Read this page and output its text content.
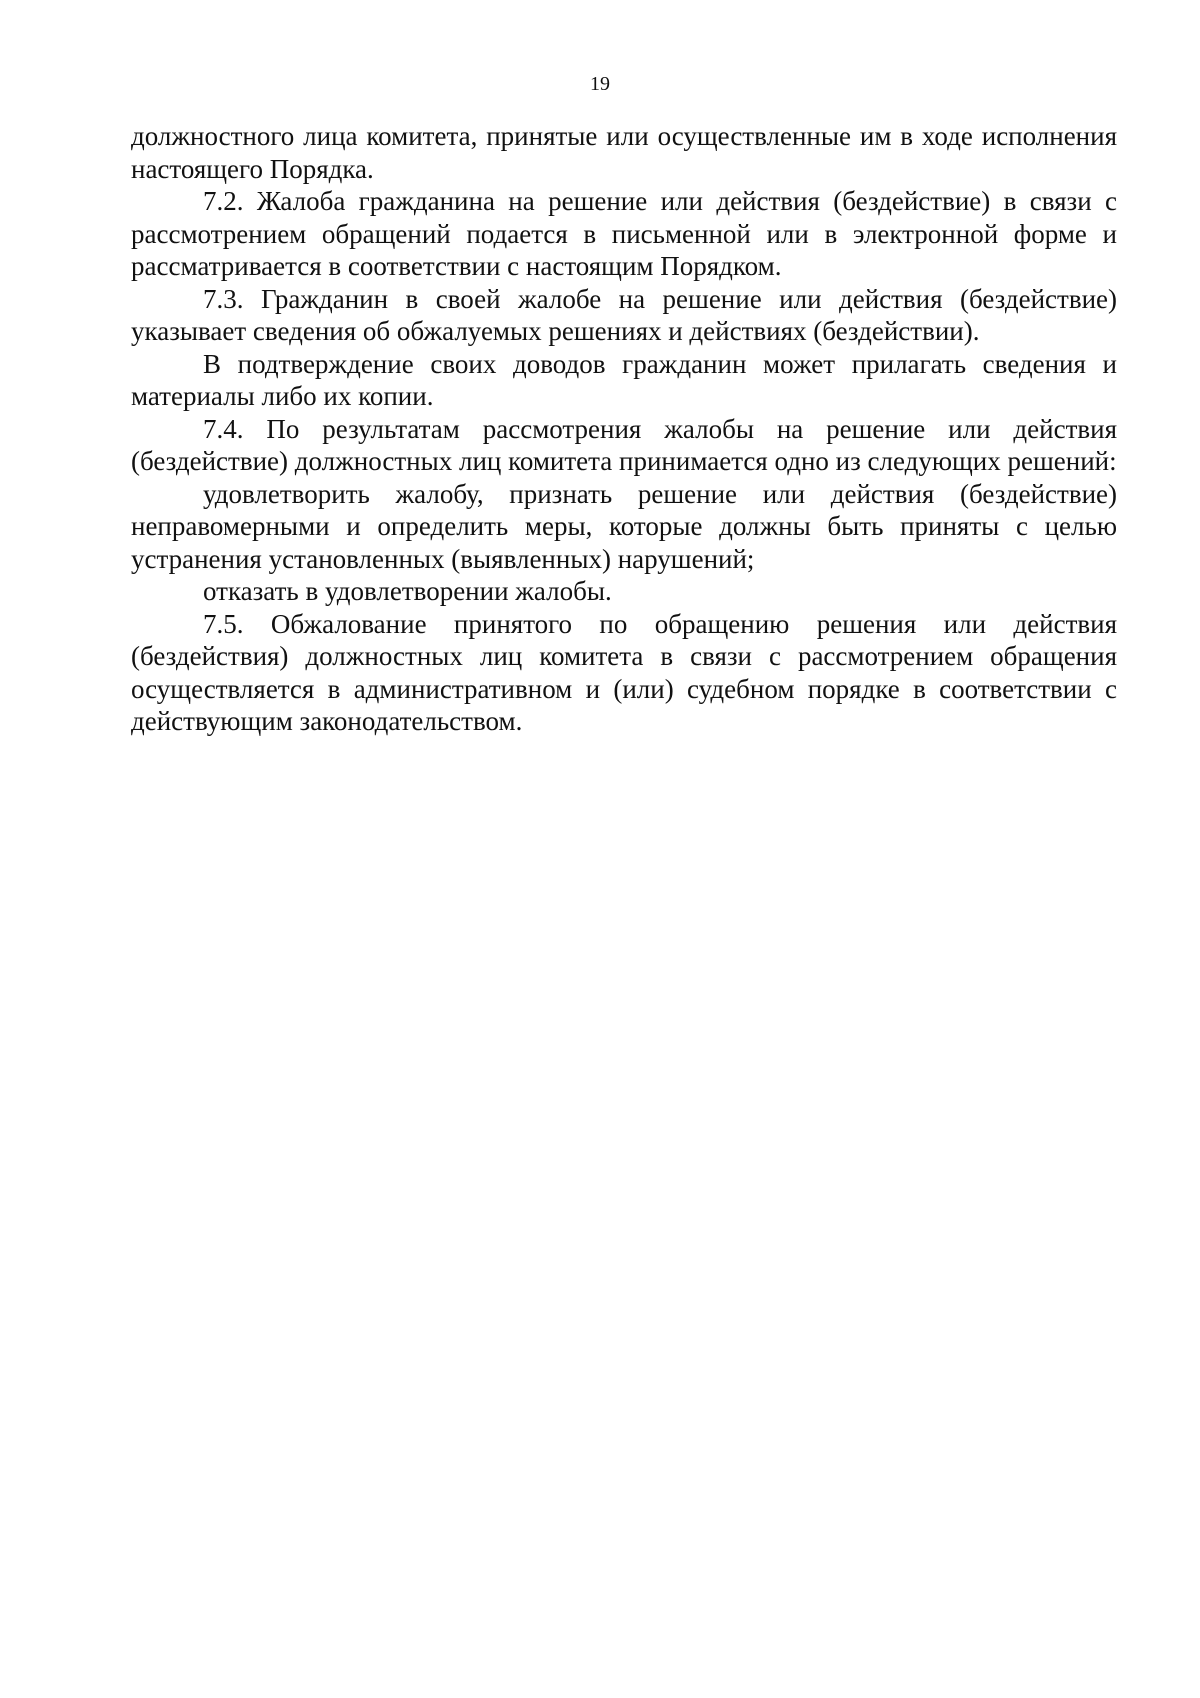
19

должностного лица комитета, принятые или осуществленные им в ходе исполнения настоящего Порядка.

7.2. Жалоба гражданина на решение или действия (бездействие) в связи с рассмотрением обращений подается в письменной или в электронной форме и рассматривается в соответствии с настоящим Порядком.

7.3. Гражданин в своей жалобе на решение или действия (бездействие) указывает сведения об обжалуемых решениях и действиях (бездействии).

В подтверждение своих доводов гражданин может прилагать сведения и материалы либо их копии.

7.4. По результатам рассмотрения жалобы на решение или действия (бездействие) должностных лиц комитета принимается одно из следующих решений:

удовлетворить жалобу, признать решение или действия (бездействие) неправомерными и определить меры, которые должны быть приняты с целью устранения установленных (выявленных) нарушений;

отказать в удовлетворении жалобы.

7.5. Обжалование принятого по обращению решения или действия (бездействия) должностных лиц комитета в связи с рассмотрением обращения осуществляется в административном и (или) судебном порядке в соответствии с действующим законодательством.
